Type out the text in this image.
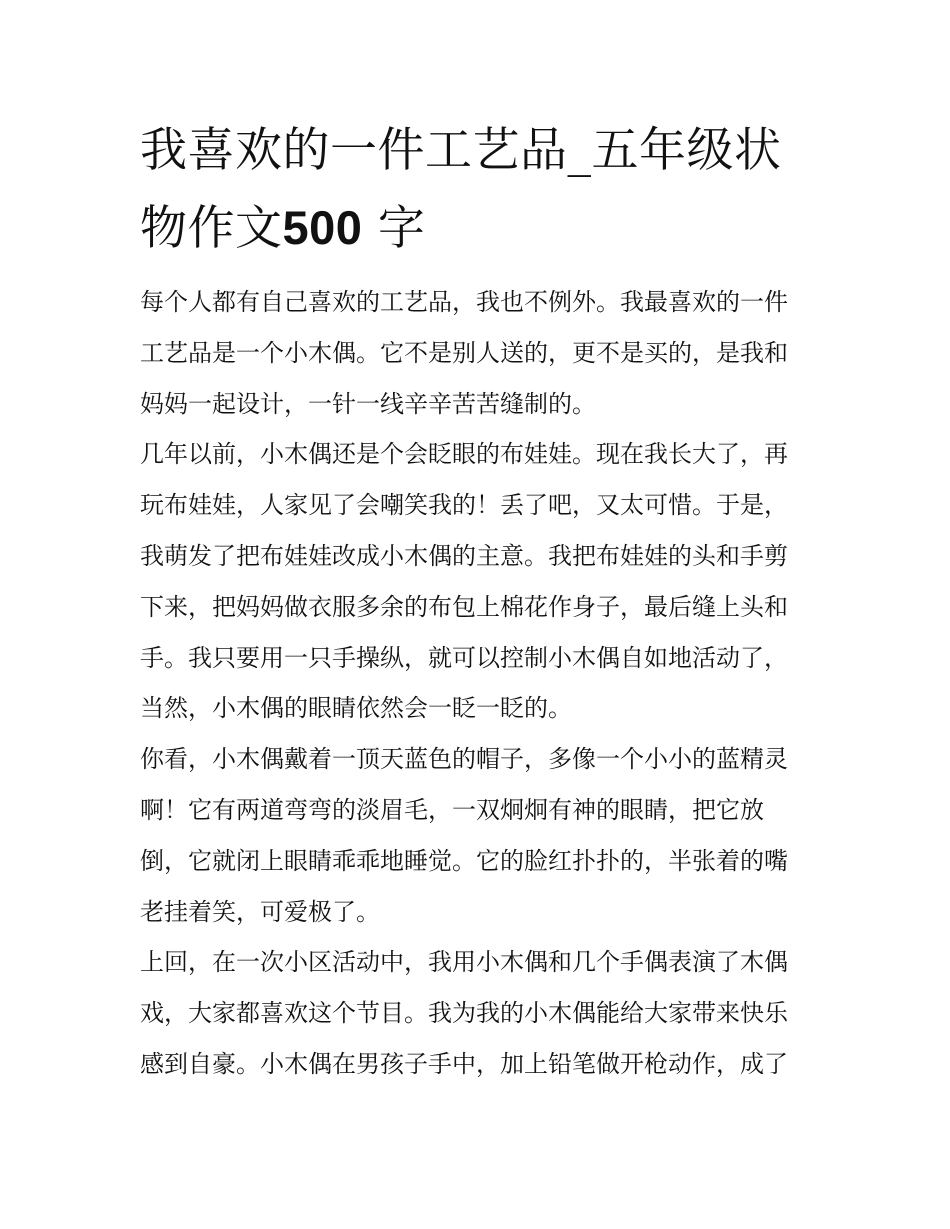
我喜欢的一件工艺品_五年级状物作文500 字

每个人都有自己喜欢的工艺品，我也不例外。我最喜欢的一件
工艺品是一个小木偶。它不是别人送的，更不是买的，是我和
妈妈一起设计，一针一线辛辛苦苦缝制的。

几年以前，小木偶还是个会眨眼的布娃娃。现在我长大了，再
玩布娃娃，人家见了会嘲笑我的！丢了吧，又太可惜。于是，
我萌发了把布娃娃改成小木偶的主意。我把布娃娃的头和手剪
下来，把妈妈做衣服多余的布包上棉花作身子，最后缝上头和
手。我只要用一只手操纵，就可以控制小木偶自如地活动了，
当然，小木偶的眼睛依然会一眨一眨的。

你看，小木偶戴着一顶天蓝色的帽子，多像一个小小的蓝精灵
啊！它有两道弯弯的淡眉毛，一双炯炯有神的眼睛，把它放
倒，它就闭上眼睛乖乖地睡觉。它的脸红扑扑的，半张着的嘴
老挂着笑，可爱极了。

上回，在一次小区活动中，我用小木偶和几个手偶表演了木偶
戏，大家都喜欢这个节目。我为我的小木偶能给大家带来快乐
感到自豪。小木偶在男孩子手中，加上铅笔做开枪动作，成了
